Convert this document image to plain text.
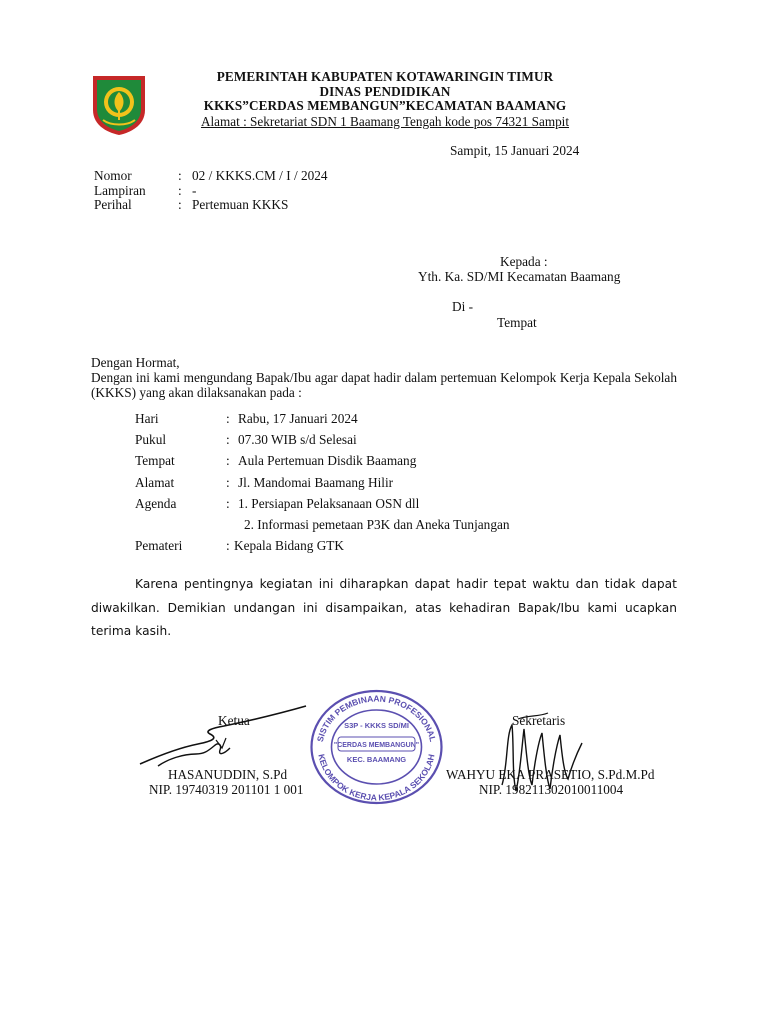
PEMERINTAH KABUPATEN KOTAWARINGIN TIMUR
DINAS PENDIDIKAN
KKKS”CERDAS MEMBANGUN”KECAMATAN BAAMANG
Alamat : Sekretariat SDN 1 Baamang Tengah kode pos 74321 Sampit
Sampit, 15 Januari 2024
Nomor	: 02 / KKKS.CM / I / 2024
Lampiran	: -
Perihal	: Pertemuan KKKS
Kepada :
Yth. Ka. SD/MI Kecamatan Baamang
Di -
Tempat
Dengan Hormat,
Dengan ini kami mengundang Bapak/Ibu agar dapat hadir dalam pertemuan Kelompok Kerja Kepala Sekolah (KKKS) yang akan dilaksanakan pada :
Hari	: Rabu, 17 Januari 2024
Pukul	: 07.30 WIB s/d Selesai
Tempat	: Aula Pertemuan Disdik Baamang
Alamat	: Jl. Mandomai Baamang Hilir
Agenda	: 1. Persiapan Pelaksanaan OSN dll
2. Informasi pemetaan P3K dan Aneka Tunjangan
Pemateri	: Kepala Bidang GTK
Karena pentingnya kegiatan ini diharapkan dapat hadir tepat waktu dan tidak dapat diwakilkan. Demikian undangan ini disampaikan, atas kehadiran Bapak/Ibu kami ucapkan terima kasih.
Ketua	Sekretaris
SISTIM PEMBINAAN PROFESIONAL
KELOMPOK KERJA KEPALA SEKOLAH
S3P - KKKS SD/MI
"CERDAS MEMBANGUN"
KEC. BAAMANG
HASANUDDIN, S.Pd
NIP. 19740319 201101 1 001
WAHYU EKA PRASETIO, S.Pd.M.Pd
NIP. 198211302010011004
